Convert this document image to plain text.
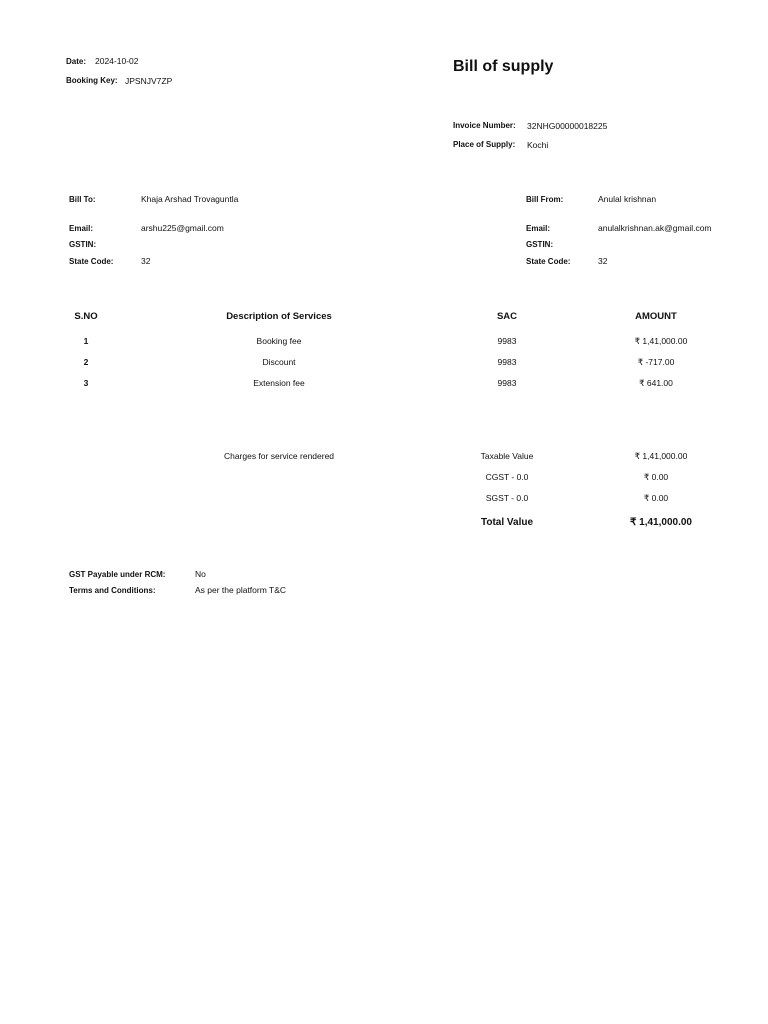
Date: 2024-10-02
Booking Key: JPSNJV7ZP
Bill of supply
Invoice Number: 32NHG00000018225
Place of Supply: Kochi
Bill To:	Khaja Arshad Trovaguntla
Email:	arshu225@gmail.com
GSTIN:
State Code:	32
Bill From:	Anulal krishnan
Email:	anulalkrishnan.ak@gmail.com
GSTIN:
State Code:	32
S.NO	Description of Services	SAC	AMOUNT
1	Booking fee	9983	₹ 1,41,000.00
2	Discount	9983	₹ -717.00
3	Extension fee	9983	₹ 641.00
Charges for service rendered	Taxable Value	₹ 1,41,000.00
CGST - 0.0	₹ 0.00
SGST - 0.0	₹ 0.00
Total Value	₹ 1,41,000.00
GST Payable under RCM:	No
Terms and Conditions:	As per the platform T&C
